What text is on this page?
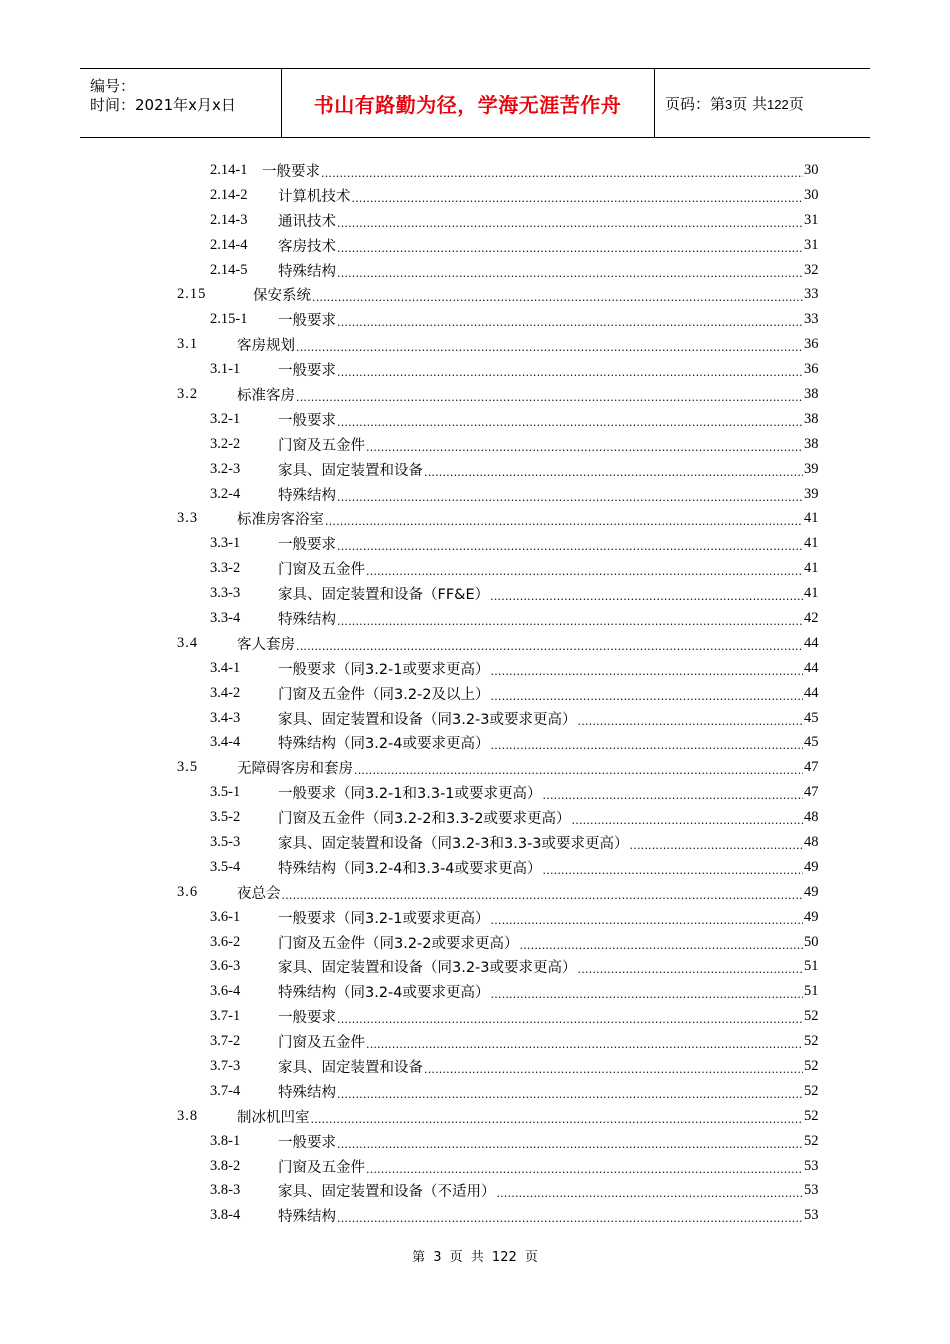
编号：
时间：2021年x月x日	书山有路勤为径，学海无涯苦作舟	页码：第3页 共122页
2.14-1	一般要求 .....	30
2.14-2	计算机技术 .....	30
2.14-3	通讯技术 .....	31
2.14-4	客房技术 .....	31
2.14-5	特殊结构 .....	32
2.15	保安系统 .....	33
2.15-1	一般要求 .....	33
3.1	客房规划 .....	36
3.1-1	一般要求 .....	36
3.2	标准客房 .....	38
3.2-1	一般要求 .....	38
3.2-2	门窗及五金件 .....	38
3.2-3	家具、固定装置和设备 .....	39
3.2-4	特殊结构 .....	39
3.3	标准房客浴室 .....	41
3.3-1	一般要求 .....	41
3.3-2	门窗及五金件 .....	41
3.3-3	家具、固定装置和设备（FF&E） .....	41
3.3-4	特殊结构 .....	42
3.4	客人套房 .....	44
3.4-1	一般要求（同3.2-1或要求更高） .....	44
3.4-2	门窗及五金件（同3.2-2及以上） .....	44
3.4-3	家具、固定装置和设备（同3.2-3或要求更高） .....	45
3.4-4	特殊结构（同3.2-4或要求更高） .....	45
3.5	无障碍客房和套房 .....	47
3.5-1	一般要求（同3.2-1和3.3-1或要求更高） .....	47
3.5-2	门窗及五金件（同3.2-2和3.3-2或要求更高） .....	48
3.5-3	家具、固定装置和设备（同3.2-3和3.3-3或要求更高） .....	48
3.5-4	特殊结构（同3.2-4和3.3-4或要求更高） .....	49
3.6	夜总会 .....	49
3.6-1	一般要求（同3.2-1或要求更高） .....	49
3.6-2	门窗及五金件（同3.2-2或要求更高） .....	50
3.6-3	家具、固定装置和设备（同3.2-3或要求更高） .....	51
3.6-4	特殊结构（同3.2-4或要求更高） .....	51
3.7-1	一般要求 .....	52
3.7-2	门窗及五金件 .....	52
3.7-3	家具、固定装置和设备 .....	52
3.7-4	特殊结构 .....	52
3.8	制冰机凹室 .....	52
3.8-1	一般要求 .....	52
3.8-2	门窗及五金件 .....	53
3.8-3	家具、固定装置和设备（不适用） .....	53
3.8-4	特殊结构 .....	53
第 3 页 共 122 页
